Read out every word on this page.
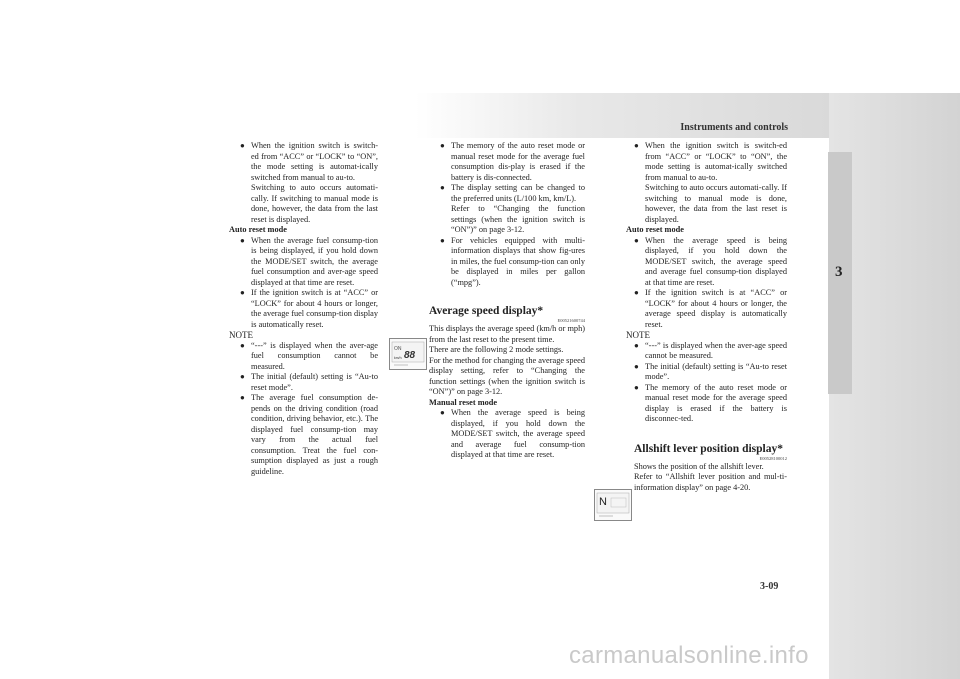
Instruments and controls
3

● When the ignition switch is switch- ed from “ACC” or “LOCK” to “ON”, the mode setting is automat-ically switched from manual to au-to.

Switching to auto occurs automati-cally. If switching to manual mode is done, however, the data from the last reset is displayed.

Auto reset mode

● When the average fuel consump-tion is being displayed, if you hold down the MODE/SET switch, the average fuel consumption and aver-age speed displayed at that time are reset.

● If the ignition switch is at “ACC” or “LOCK” for about 4 hours or longer, the average fuel consump-tion display is automatically reset.

NOTE

● “---” is displayed when the aver-age fuel consumption cannot be measured.

● The initial (default) setting is “Au-to reset mode”.

● The average fuel consumption de-pends on the driving condition (road condition, driving behavior, etc.). The displayed fuel consump-tion may vary from the actual fuel consumption. Treat the fuel con-sumption displayed as just a rough guideline.

● The memory of the auto reset mode or manual reset mode for the average fuel consumption dis-play is erased if the battery is dis-connected.

● The display setting can be changed to the preferred units (L/100 km, km/L).

Refer to “Changing the function settings (when the ignition switch is “ON”)” on page 3-12.

● For vehicles equipped with multi-information displays that show fig-ures in miles, the fuel consump-tion can only be displayed in miles per gallon (“mpg”).

Average speed display*
E00521600744

This displays the average speed (km/h or mph) from the last reset to the present time.

There are the following 2 mode settings.

For the method for changing the average speed display setting, refer to “Changing the function settings (when the ignition switch is “ON”)” on page 3-12.

Manual reset mode

● When the average speed is being displayed, if you hold down the MODE/SET switch, the average speed and average fuel consump-tion displayed at that time are reset.

ON
88
km/h

● When the ignition switch is switch-ed from “ACC” or “LOCK” to “ON”, the mode setting is automat-ically switched from manual to au-to.

Switching to auto occurs automati-cally. If switching to manual mode is done, however, the data from the last reset is displayed.

Auto reset mode

● When the average speed is being displayed, if you hold down the MODE/SET switch, the average speed and average fuel consump-tion displayed at that time are reset.

● If the ignition switch is at “ACC” or “LOCK” for about 4 hours or longer, the average speed display is automatically reset.

NOTE

● “---” is displayed when the aver-age speed cannot be measured.

● The initial (default) setting is “Au-to reset mode”.

● The memory of the auto reset mode or manual reset mode for the average speed display is erased if the battery is disconnec-ted.

Allshift lever position display*
E00528100012

Shows the position of the allshift lever.

Refer to “Allshift lever position and mul-ti-information display” on page 4-20.

N
3-09
carmanualsonline.info
